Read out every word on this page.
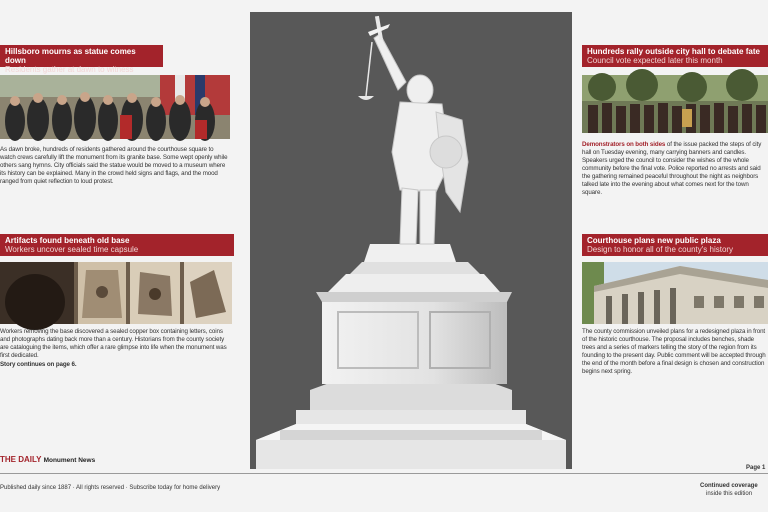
Hillsboro mourns as statue comes down
Residents gather at dawn to witness
As dawn broke, hundreds of residents gathered around the courthouse square to watch crews carefully lift the monument from its granite base. Some wept openly while others sang hymns. City officials said the statue would be moved to a museum where its history can be explained. Many in the crowd held signs and flags, and the mood ranged from quiet reflection to loud protest.
Artifacts found beneath old base
Workers uncover sealed time capsule
Workers removing the base discovered a sealed copper box containing letters, coins and photographs dating back more than a century. Historians from the county society are cataloguing the items, which offer a rare glimpse into life when the monument was first dedicated.
Story continues on page 6.
Hundreds rally outside city hall to debate fate
Council vote expected later this month
Demonstrators on both sides of the issue packed the steps of city hall on Tuesday evening, many carrying banners and candles. Speakers urged the council to consider the wishes of the whole community before the final vote. Police reported no arrests and said the gathering remained peaceful throughout the night as neighbors talked late into the evening about what comes next for the town square.
Courthouse plans new public plaza
Design to honor all of the county's history
The county commission unveiled plans for a redesigned plaza in front of the historic courthouse. The proposal includes benches, shade trees and a series of markers telling the story of the region from its founding to the present day. Public comment will be accepted through the end of the month before a final design is chosen and construction begins next spring.
THE DAILY Monument News
Published daily since 1887 · All rights reserved · Subscribe today for home delivery
Page 1
Continued coverage
inside this edition
